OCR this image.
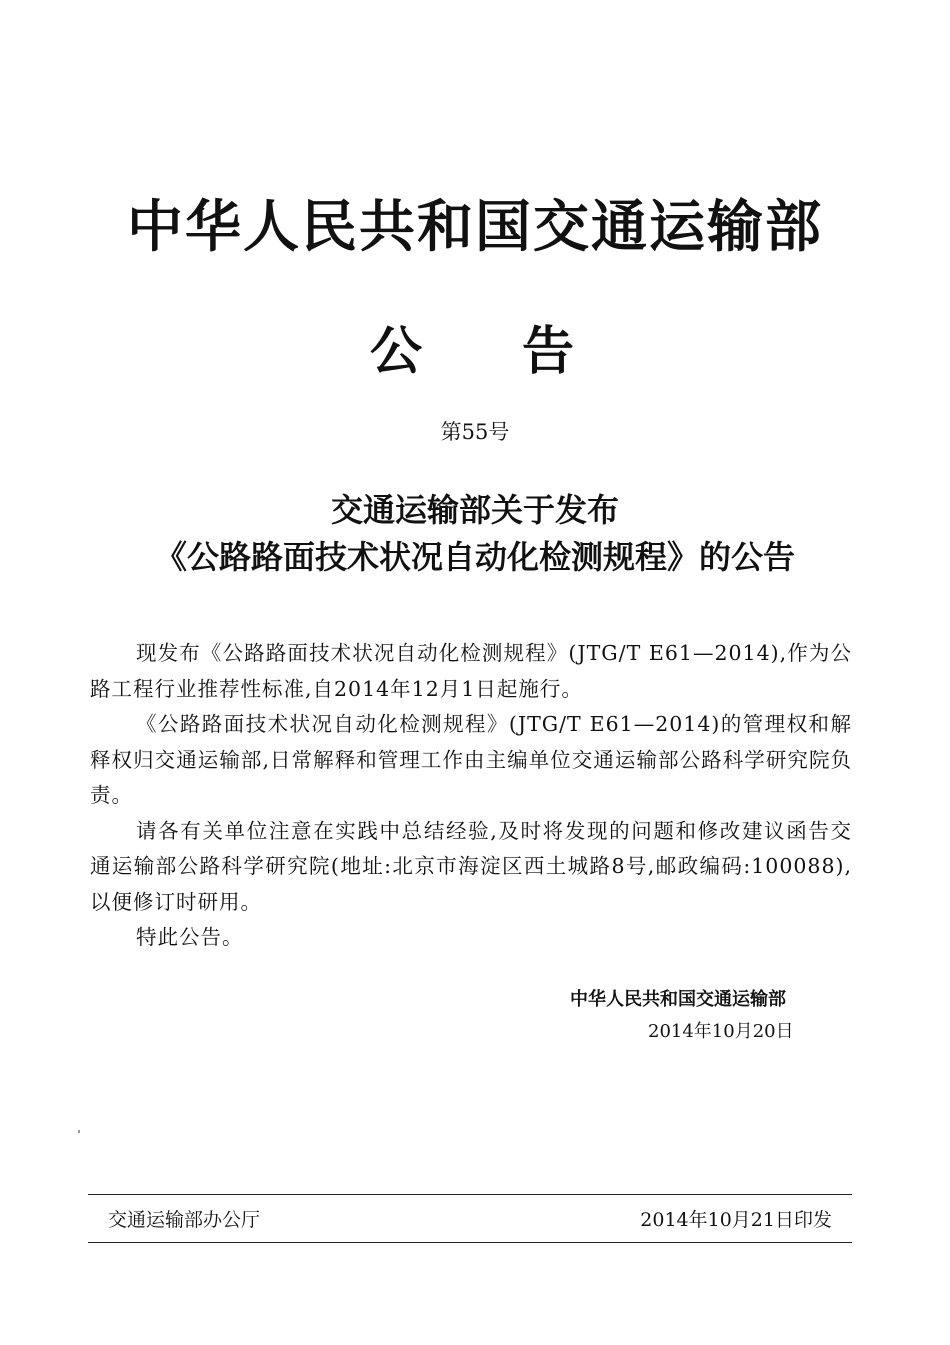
中华人民共和国交通运输部
公 告
第55号
交通运输部关于发布
《公路路面技术状况自动化检测规程》的公告

现发布《公路路面技术状况自动化检测规程》(JTG/T E61—2014),作为公路工程行业推荐性标准,自2014年12月1日起施行。

《公路路面技术状况自动化检测规程》(JTG/T E61—2014)的管理权和解释权归交通运输部,日常解释和管理工作由主编单位交通运输部公路科学研究院负责。

请各有关单位注意在实践中总结经验,及时将发现的问题和修改建议函告交通运输部公路科学研究院(地址:北京市海淀区西土城路8号,邮政编码:100088),以便修订时研用。

特此公告。

中华人民共和国交通运输部
2014年10月20日
交通运输部办公厅	2014年10月21日印发
